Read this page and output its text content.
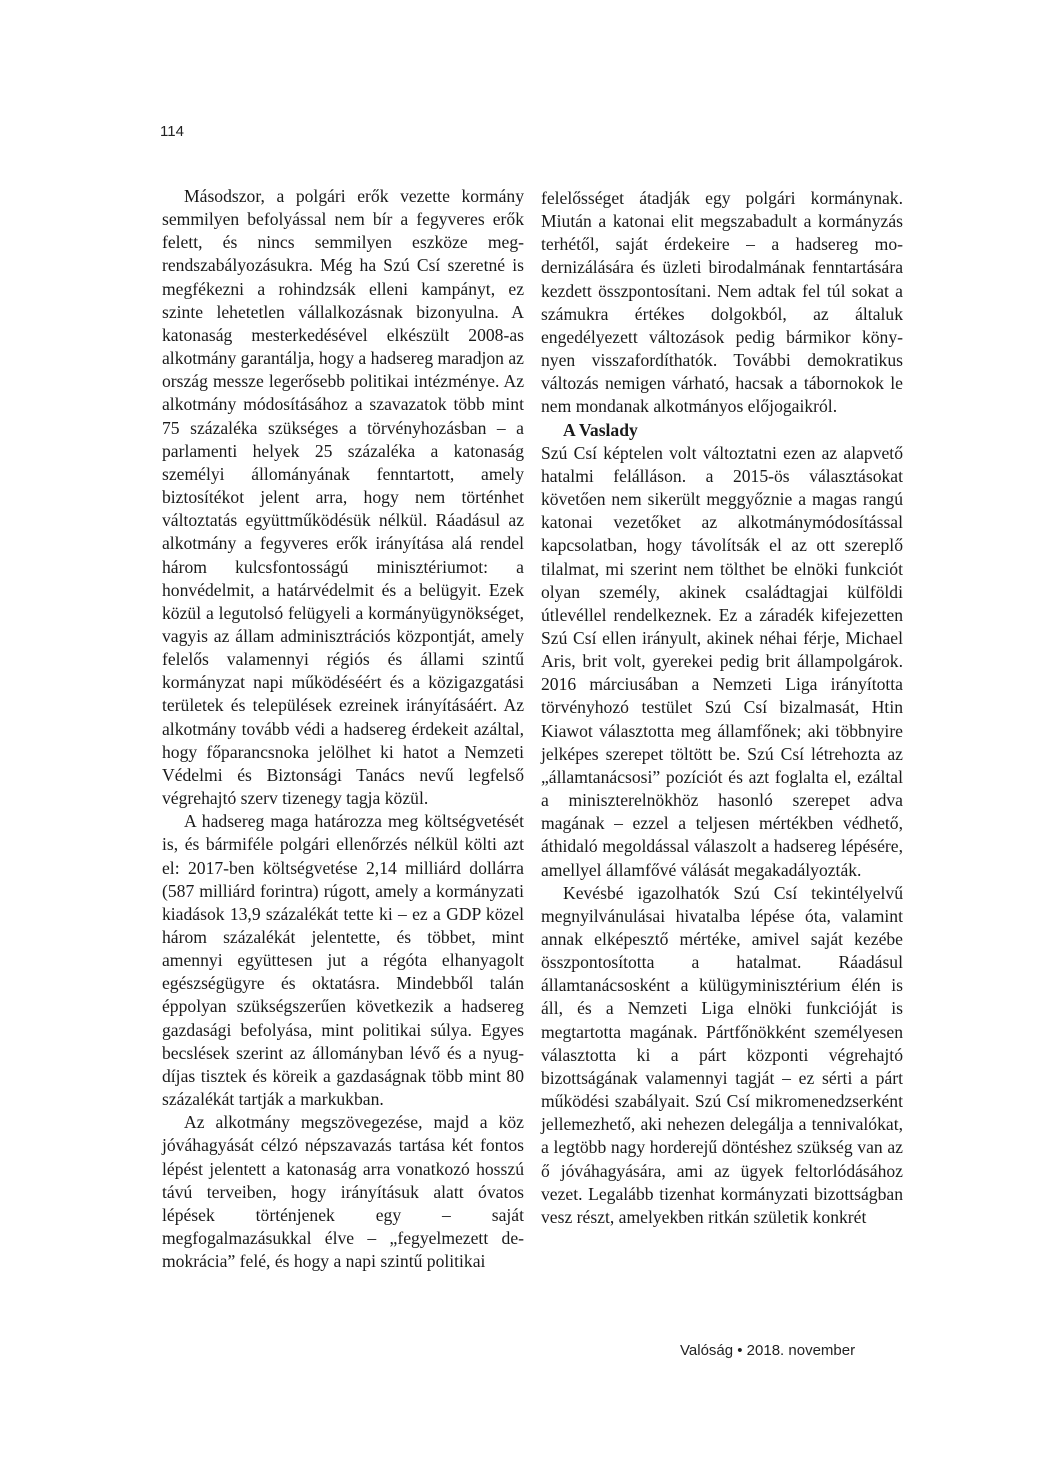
114

Másodszor, a polgári erők vezette kormány semmilyen befolyással nem bír a fegyveres erők felett, és nincs semmilyen eszköze megrendszabályozásukra. Még ha Szú Csí szeretné is megfékezni a rohindzsák elleni kampányt, ez szinte lehetetlen vállalkozásnak bizonyulna. A katonaság mesterkedésével elkészült 2008-as alkotmány garantálja, hogy a hadsereg maradjon az ország messze legerősebb politikai intézménye. Az alkotmány módosításához a szavazatok több mint 75 százaléka szükséges a törvényhozásban – a parlamenti helyek 25 százaléka a katonaság személyi állományának fenntartott, amely biztosítékot jelent arra, hogy nem történhet változtatás együttműködésük nélkül. Ráadásul az alkotmány a fegyveres erők irányítása alá rendel három kulcsfontosságú minisztériumot: a honvédelmit, a határvédelmit és a belügyit. Ezek közül a legutolsó felügyeli a kormányügynökséget, vagyis az állam adminisztrációs központját, amely felelős valamennyi régiós és állami szintű kormányzat napi működéséért és a közigazgatási területek és települések ezreinek irányításáért. Az alkotmány tovább védi a hadsereg érdekeit azáltal, hogy főparancsnoka jelölhet ki hatot a Nemzeti Védelmi és Biztonsági Tanács nevű legfelső végrehajtó szerv tizenegy tagja közül.

A hadsereg maga határozza meg költségvetését is, és bármiféle polgári ellenőrzés nélkül költi azt el: 2017-ben költségvetése 2,14 milliárd dollárra (587 milliárd forintra) rúgott, amely a kormányzati kiadások 13,9 százalékát tette ki – ez a GDP közel három százalékát jelentette, és többet, mint amennyi együttesen jut a régóta elhanyagolt egészségügyre és oktatásra. Mindebből talán éppolyan szükségszerűen következik a hadsereg gazdasági befolyása, mint politikai súlya. Egyes becslések szerint az állományban lévő és a nyugdíjas tisztek és köreik a gazdaságnak több mint 80 százalékát tartják a markukban.

Az alkotmány megszövegezése, majd a köz jóváhagyását célzó népszavazás tartása két fontos lépést jelentett a katonaság arra vonatkozó hosszú távú terveiben, hogy irányításuk alatt óvatos lépések történjenek egy – saját megfogalmazásukkal élve – „fegyelmezett demokrácia” felé, és hogy a napi szintű politikai

felelősséget átadják egy polgári kormánynak. Miután a katonai elit megszabadult a kormányzás terhétől, saját érdekeire – a hadsereg modernizálására és üzleti birodalmának fenntartására kezdett összpontosítani. Nem adtak fel túl sokat a számukra értékes dolgokból, az általuk engedélyezett változások pedig bármikor könynyen visszafordíthatók. További demokratikus változás nemigen várható, hacsak a tábornokok le nem mondanak alkotmányos előjogaikról.

A Vaslady

Szú Csí képtelen volt változtatni ezen az alapvető hatalmi felálláson. a 2015-ös választásokat követően nem sikerült meggyőznie a magas rangú katonai vezetőket az alkotmánymódosítással kapcsolatban, hogy távolítsák el az ott szereplő tilalmat, mi szerint nem tölthet be elnöki funkciót olyan személy, akinek családtagjai külföldi útlevéllel rendelkeznek. Ez a záradék kifejezetten Szú Csí ellen irányult, akinek néhai férje, Michael Aris, brit volt, gyerekei pedig brit állampolgárok. 2016 márciusában a Nemzeti Liga irányította törvényhozó testület Szú Csí bizalmasát, Htin Kiawot választotta meg államfőnek; aki többnyire jelképes szerepet töltött be. Szú Csí létrehozta az „államtanácsosi” pozíciót és azt foglalta el, ezáltal a miniszterelnökhöz hasonló szerepet adva magának – ezzel a teljesen mértékben védhető, áthidaló megoldással válaszolt a hadsereg lépésére, amellyel államfővé válását megakadályozták.

Kevésbé igazolhatók Szú Csí tekintélyelvű megnyilvánulásai hivatalba lépése óta, valamint annak elképesztő mértéke, amivel saját kezébe összpontosította a hatalmat. Ráadásul államtanácsosként a külügyminisztérium élén is áll, és a Nemzeti Liga elnöki funkcióját is megtartotta magának. Pártfőnökként személyesen választotta ki a párt központi végrehajtó bizottságának valamennyi tagját – ez sérti a párt működési szabályait. Szú Csí mikromenedzserként jellemezhető, aki nehezen delegálja a tennivalókat, a legtöbb nagy horderejű döntéshez szükség van az ő jóváhagyására, ami az ügyek feltorlódásához vezet. Legalább tizenhat kormányzati bizottságban vesz részt, amelyekben ritkán születik konkrét

Valóság • 2018. november
